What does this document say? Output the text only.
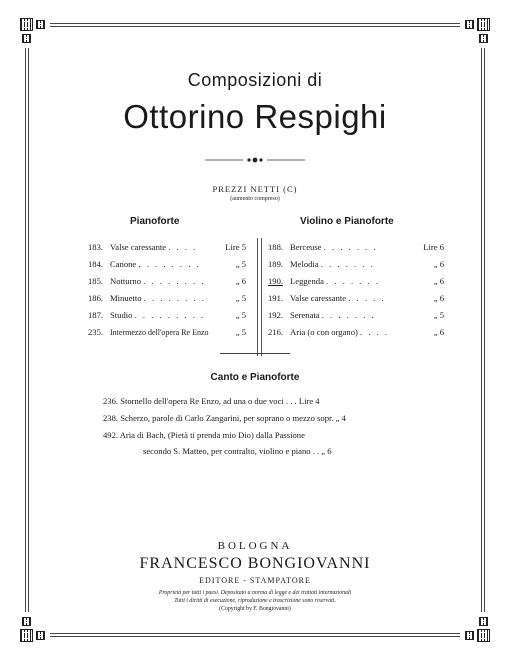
Composizioni di
Ottorino Respighi
PREZZI NETTI (C)
(aumento compreso)
Pianoforte	Violino e Pianoforte
183. Valse caressante . . . .	Lire 5
184. Canone . . . . . . . .	„ 5
185. Notturno . . . . . . . .	„ 6
186. Minuetto . . . . . . . .	„ 5
187. Studio . . . . . . . . .	„ 5
235. Intermezzo dell'opera Re Enzo	„ 5
188. Berceuse . . . . . . .	Lire 6
189. Melodia . . . . . . .	„ 6
190. Leggenda . . . . . . .	„ 6
191. Valse caressante . . . . .	„ 6
192. Serenata . . . . . . .	„ 5
216. Aria (o con organo) . . . .	„ 6
Canto e Pianoforte
236. Stornello dell'opera Re Enzo, ad una o due voci . . . Lire 4
238. Scherzo, parole di Carlo Zangarini, per soprano o mezzo sopr. „ 4
492. Aria di Bach, (Pietà ti prenda mio Dio) dalla Passione
secondo S. Matteo, per contralto, violino e piano . . „ 6
BOLOGNA
FRANCESCO BONGIOVANNI
EDITORE - STAMPATORE
Proprietà per tutti i paesi. Depositato a norma di legge e dei trattati internazionali
Tutti i diritti di esecuzione, riproduzione e trascrizione sono riservati.
(Copyright by F. Bongiovanni)
